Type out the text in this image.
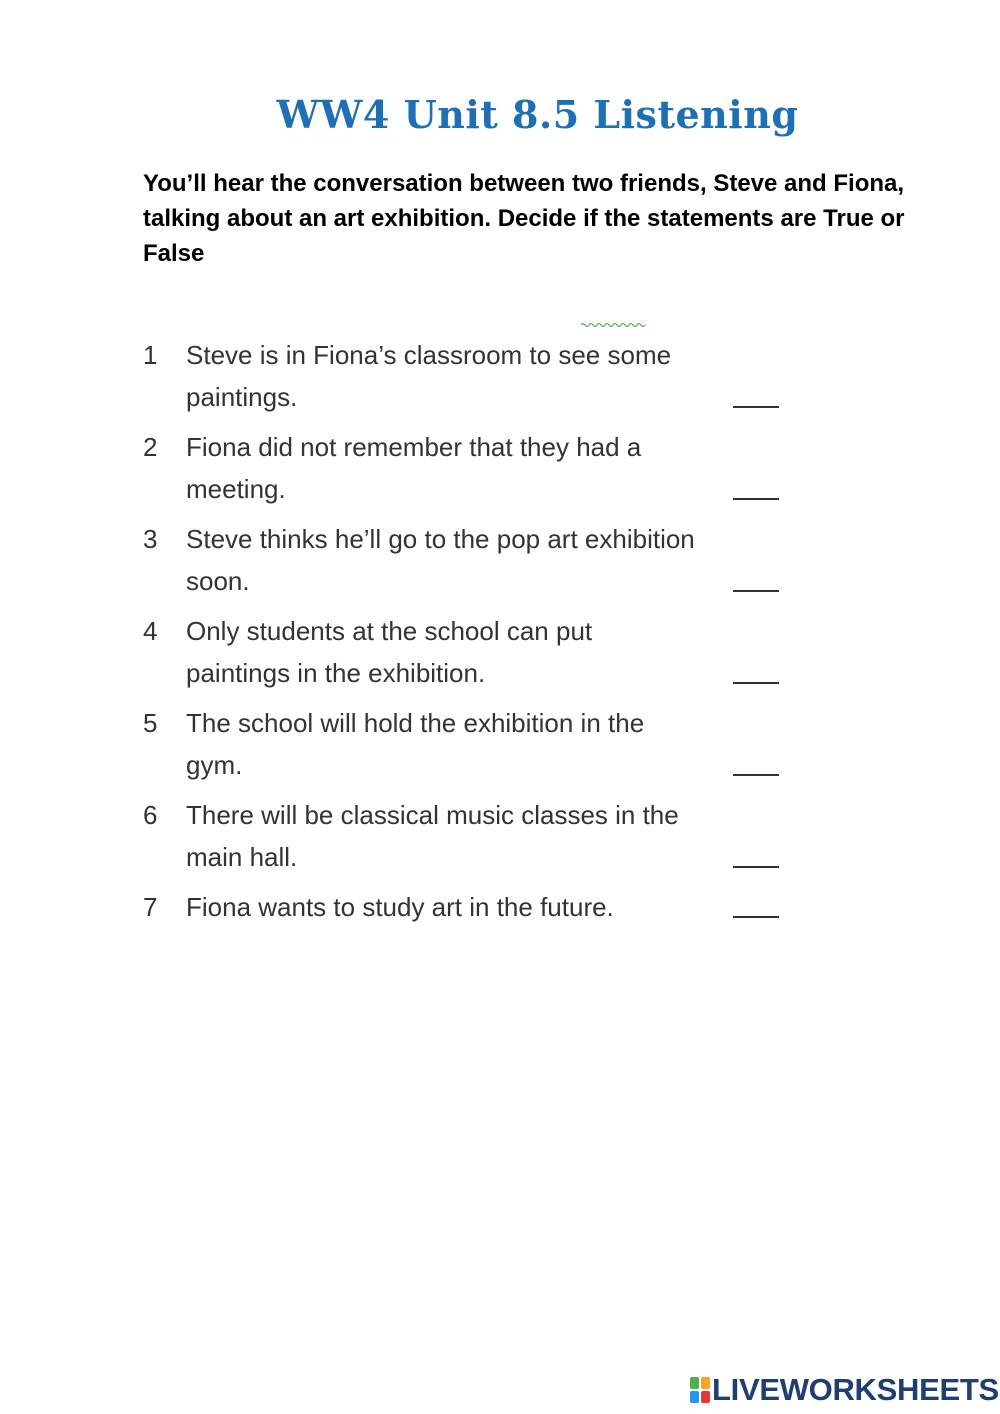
WW4 Unit 8.5 Listening
You’ll hear the conversation between two friends, Steve and Fiona, talking about an art exhibition. Decide if the statements are True or False
1	Steve is in Fiona’s classroom to see some paintings.
2	Fiona did not remember that they had a meeting.
3	Steve thinks he’ll go to the pop art exhibition soon.
4	Only students at the school can put paintings in the exhibition.
5	The school will hold the exhibition in the gym.
6	There will be classical music classes in the main hall.
7	Fiona wants to study art in the future.
LIVEWORKSHEETS
